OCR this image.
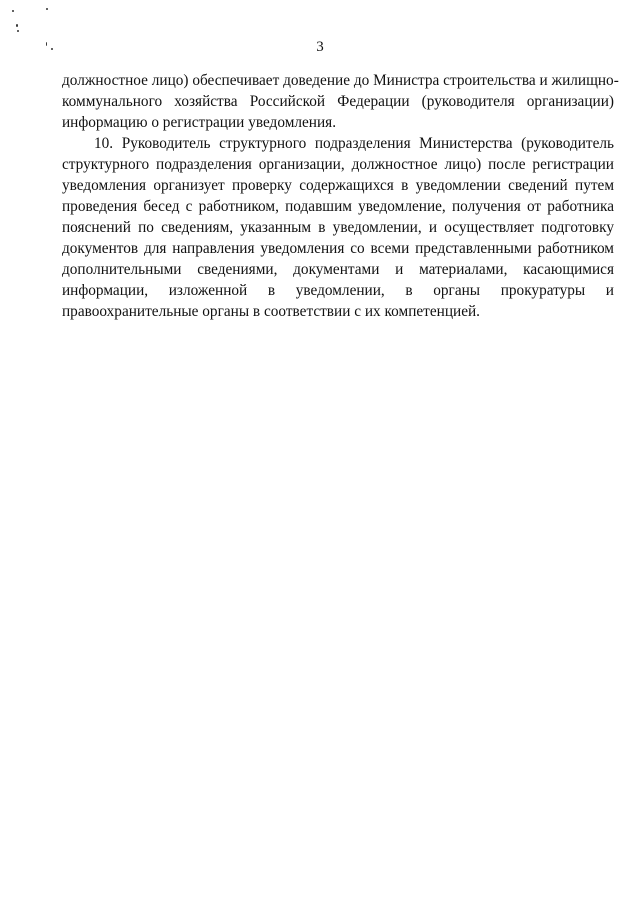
3

должностное лицо) обеспечивает доведение до Министра строительства и жилищно-
коммунального хозяйства Российской Федерации (руководителя организации)
информацию о регистрации уведомления.

10. Руководитель структурного подразделения Министерства (руководитель
структурного подразделения организации, должностное лицо) после регистрации
уведомления организует проверку содержащихся в уведомлении сведений путем
проведения бесед с работником, подавшим уведомление, получения от работника
пояснений по сведениям, указанным в уведомлении, и осуществляет подготовку
документов для направления уведомления со всеми представленными работником
дополнительными сведениями, документами и материалами, касающимися
информации, изложенной в уведомлении, в органы прокуратуры и
правоохранительные органы в соответствии с их компетенцией.
